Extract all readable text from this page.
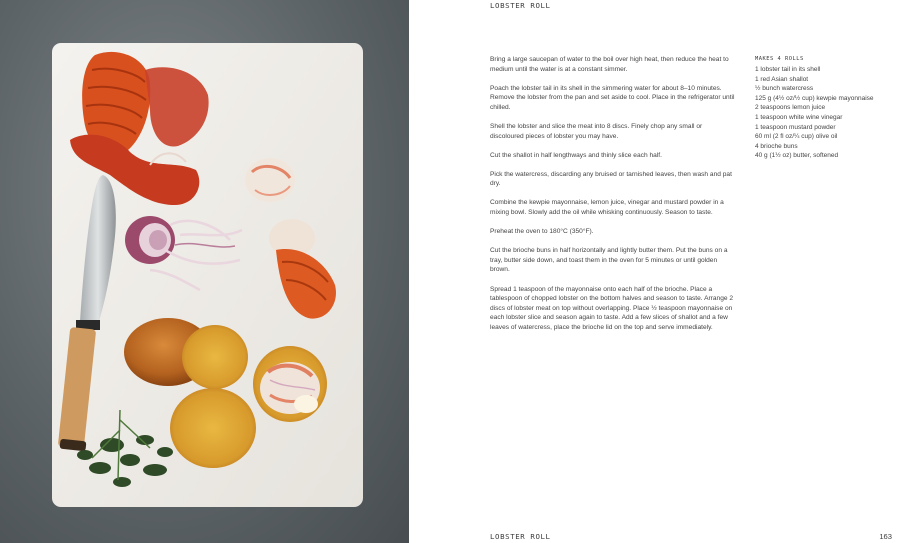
LOBSTER ROLL

Bring a large saucepan of water to the boil over high heat, then reduce the heat to medium until the water is at a constant simmer.

Poach the lobster tail in its shell in the simmering water for about 8–10 minutes. Remove the lobster from the pan and set aside to cool. Place in the refrigerator until chilled.

Shell the lobster and slice the meat into 8 discs. Finely chop any small or discoloured pieces of lobster you may have.

Cut the shallot in half lengthways and thinly slice each half.

Pick the watercress, discarding any bruised or tarnished leaves, then wash and pat dry.

Combine the kewpie mayonnaise, lemon juice, vinegar and mustard powder in a mixing bowl. Slowly add the oil while whisking continuously. Season to taste.

Preheat the oven to 180°C (350°F).

Cut the brioche buns in half horizontally and lightly butter them. Put the buns on a tray, butter side down, and toast them in the oven for 5 minutes or until golden brown.

Spread 1 teaspoon of the mayonnaise onto each half of the brioche. Place a tablespoon of chopped lobster on the bottom halves and season to taste. Arrange 2 discs of lobster meat on top without overlapping. Place ½ teaspoon mayonnaise on each lobster slice and season again to taste. Add a few slices of shallot and a few leaves of watercress, place the brioche lid on the top and serve immediately.

MAKES 4 ROLLS
1 lobster tail in its shell
1 red Asian shallot
½ bunch watercress
125 g (4½ oz/½ cup) kewpie mayonnaise
2 teaspoons lemon juice
1 teaspoon white wine vinegar
1 teaspoon mustard powder
60 ml (2 fl oz/¼ cup) olive oil
4 brioche buns
40 g (1½ oz) butter, softened
LOBSTER ROLL	163
